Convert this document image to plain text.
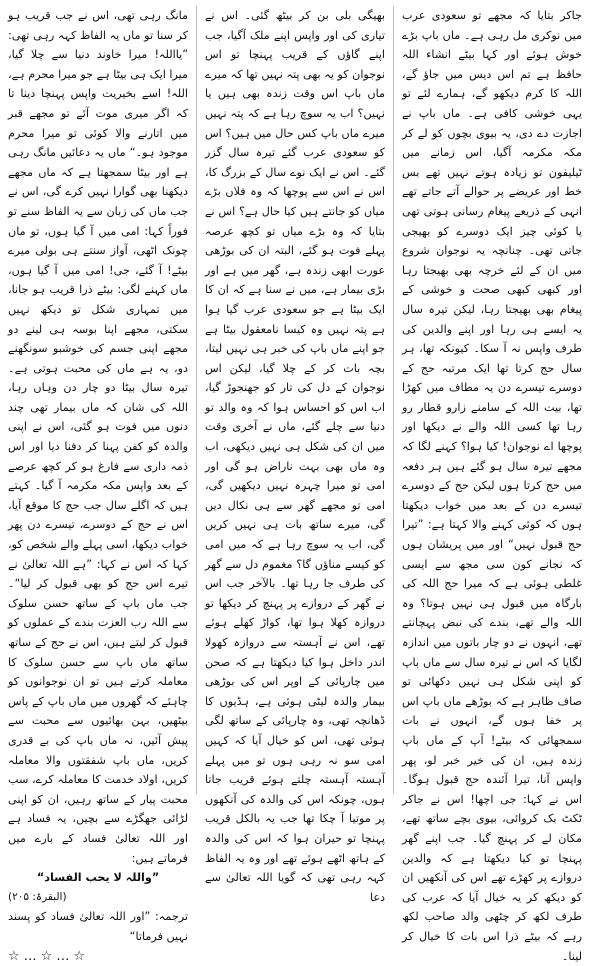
جاکر بتایا کہ مجھے تو سعودی عرب میں نوکری مل رہی ہے۔ ماں باپ بڑے خوش ہوئے اور کہا بیٹے انشاء اللہ حافظ ہے تم اس دیس میں جاؤ گے، اللہ کا کرم دیکھو گے، ہمارے لئے تو یہی خوشی کافی ہے۔ ماں باپ نے اجازت دے دی، یہ بیوی بچوں کو لے کر مکہ مکرمہ آگیا، اس زمانے میں ٹیلیفون تو زیادہ ہوتے نہیں تھے بس خط اور عریضے پر حوالے آتے جاتے تھے انہی کے ذریعے پیغام رسانی ہوتی تھی یا کوئی چیز ایک دوسرے کو بھیجی جاتی تھی۔ چنانچہ یہ نوجوان شروع میں ان کے لئے خرچہ بھی بھیجتا رہا اور کبھی کبھی صحت و خوشی کے پیغام بھی بھیجتا رہا، لیکن تیرہ سال یہ ایسے ہی رہا اور اپنے والدین کی طرف واپس نہ آ سکا۔ کیونکہ تھا، ہر سال حج کرتا تھا ایک مرتبہ حج کے دوسرے تیسرے دن یہ مطاف میں کھڑا تھا، بیت اللہ کے سامنے زارو قطار رو رہا تھا کسی اللہ والے نے دیکھا اور پوچھا اے نوجوان! کیا ہوا؟ کہنے لگا کہ مجھے تیرہ سال ہو گئے ہیں ہر دفعہ میں حج کرتا ہوں لیکن حج کے دوسرے تیسرے دن کے بعد میں خواب دیکھتا ہوں کہ کوئی کہنے والا کہتا ہے: ”تیرا حج قبول نہیں“ اور میں پریشان ہوں کہ نجانے کون سی مجھ سے ایسی غلطی ہوئی ہے کہ میرا حج اللہ کی بارگاہ میں قبول ہی نہیں ہوتا؟ وہ اللہ والے تھے، بندے کی نبض پہچانتے تھے، انہوں نے دو چار باتوں میں اندازہ لگایا کہ اس نے تیرہ سال سے ماں باپ کو اپنی شکل ہی نہیں دکھائی تو صاف ظاہر ہے کہ بوڑھے ماں باپ اس پر خفا ہوں گے، انہوں نے بات سمجھائی کہ بیٹے! آپ کے ماں باپ زندہ ہیں، ان کی خیر خبر لو، پھر واپس آنا، تیرا آئندہ حج قبول ہوگا۔ اس نے کہا: جی اچھا! اس نے جاکر ٹکٹ بک کروائی، بیوی بچے ساتھ تھے، مکان لے کر پہنچ گیا۔ جب اپنے گھر پہنچا تو کیا دیکھتا ہے کہ والدین دروازے پر کھڑے تھے اس کی آنکھیں ان کو دیکھ کر یہ خیال آیا کہ عرب کی طرف لکھ کر چٹھی والد صاحب لکھ رہے کہ بیٹے ذرا اس بات کا خیال کر لینا۔

بھیگی بلی بن کر بیٹھ گئی۔ اس نے تیاری کی اور واپس اپنے ملک آگیا، جب اپنے گاؤں کے قریب پہنچا تو اس نوجوان کو یہ بھی پتہ نہیں تھا کہ میرے ماں باپ اس وقت زندہ بھی ہیں یا نہیں؟ اب یہ سوچ رہا ہے کہ پتہ نہیں میرے ماں باپ کس حال میں ہیں؟ اس کو سعودی عرب گئے تیرہ سال گزر گئے۔ اس نے ایک نوے سال کے بزرگ کا، اس نے اس سے پوچھا کہ وہ فلاں بڑے میاں کو جانتے ہیں کیا حال ہے؟ اس نے بتایا کہ وہ بڑے میاں تو کچھ عرصہ پہلے فوت ہو گئے، البتہ ان کی بوڑھی عورت ابھی زندہ ہے، گھر میں ہے اور بڑی بیمار ہے، میں نے سنا ہے کہ ان کا ایک بیٹا ہے جو سعودی عرب گیا ہوا ہے پتہ نہیں وہ کیسا نامعقول بیٹا ہے جو اپنے ماں باپ کی خبر ہی نہیں لیتا، بچہ بات کر کے چلا گیا، لیکن اس نوجوان کے دل کی تار کو جھنجوڑ گیا، اب اس کو احساس ہوا کہ وہ والد تو دنیا سے چلے گئے، ماں نے آخری وقت میں ان کی شکل ہی نہیں دیکھی، اب وہ ماں بھی بہت ناراض ہو گی اور امی تو میرا چہرہ نہیں دیکھیں گی، امی تو مجھے گھر سے ہی نکال دیں گی، میرے ساتھ بات ہی نہیں کریں گی، اب یہ سوچ رہا ہے کہ میں امی کو کیسے مناؤں گا؟ مغموم دل سے گھر کی طرف جا رہا تھا۔ بالآخر جب اس نے گھر کے دروازے پر پہنچ کر دیکھا تو دروازہ کھلا ہوا تھا، کواڑ کھلے ہوئے تھے، اس نے آہستہ سے دروازہ کھولا اندر داخل ہوا کیا دیکھتا ہے کہ صحن میں چارپائی کے اوپر اس کی بوڑھی بیمار والدہ لیٹی ہوئی ہے، ہڈیوں کا ڈھانچہ تھی، وہ چارپائی کے ساتھ لگی ہوئی تھی، اس کو خیال آیا کہ کہیں امی سو نہ رہی ہوں تو میں پہلے آہستہ آہستہ چلتے ہوئے قریب جاتا ہوں، چونکہ اس کی والدہ کی آنکھوں پر موتیا آ چکا تھا جب یہ بالکل قریب پہنچا تو حیران ہوا کہ اس کی والدہ کے ہاتھ اٹھے ہوئے تھے اور وہ یہ الفاظ کہہ رہی تھی کہ گویا اللہ تعالیٰ سے دعا

مانگ رہی تھی، اس نے جب قریب ہو کر سنا تو ماں یہ الفاظ کہہ رہی تھی: ”یااللہ! میرا خاوند دنیا سے چلا گیا، میرا ایک ہی بیٹا ہے جو میرا محرم ہے، اللہ! اسے بخیریت واپس پہنچا دینا تا کہ اگر میری موت آئے تو مجھے قبر میں اتارنے والا کوئی تو میرا محرم موجود ہو۔“ ماں یہ دعائیں مانگ رہی ہے اور بیٹا سمجھتا ہے کہ ماں مجھے دیکھنا بھی گوارا نہیں کرے گی، اس نے جب ماں کی زبان سے یہ الفاظ سنے تو فوراً کہا: امی میں آ گیا ہوں، تو ماں چونک اٹھی، آواز سنتے ہی بولی میرے بیٹے! آ گئے، جی! امی میں آ گیا ہوں، ماں کہنے لگی: بیٹے ذرا قریب ہو جانا، میں تمہاری شکل تو دیکھ نہیں سکتی، مجھے اپنا بوسہ ہی لینے دو مجھے اپنی جسم کی خوشبو سونگھنے دو، یہ ہے ماں کی محبت ہوتی ہے۔ تیرہ سال بیٹا دو چار دن وہاں رہا، اللہ کی شان کہ ماں بیمار تھی چند دنوں میں فوت ہو گئی، اس نے اپنی والدہ کو کفن پہنا کر دفنا دیا اور اس ذمہ داری سے فارغ ہو کر کچھ عرصے کے بعد واپس مکہ مکرمہ آ گیا۔ کہتے ہیں کہ اگلے سال جب حج کا موقع آیا، اس نے حج کے دوسرے، تیسرے دن پھر خواب دیکھا، اسی پہلے والے شخص کو، کہا کہ اس نے کہا: ”ہے اللہ تعالیٰ نے تیرے اس حج کو بھی قبول کر لیا“۔ جب ماں باپ کے ساتھ حسن سلوک سے اللہ رب العزت بندے کے عملوں کو قبول کر لیتے ہیں، اس نے حج کے ساتھ ساتھ ماں باپ سے حسن سلوک کا معاملہ کرتے ہیں تو ان نوجوانوں کو چاہئے کہ گھروں میں ماں باپ کے پاس بیٹھیں، بہن بھائیوں سے محبت سے پیش آئیں، نہ ماں باپ کی بے قدری کریں، ماں باپ شفقتوں والا معاملہ کریں، اولاد خدمت کا معاملہ کرے، سب محبت پیار کے ساتھ رہیں، ان کو اپنی لڑائی جھگڑے سے بچیں، یہ فساد ہے اور اللہ تعالیٰ فساد کے بارے میں فرماتے ہیں:

”واللہ لا یحب الفساد“

(البقرۃ: ۲۰۵)

ترجمہ: ”اور اللہ تعالیٰ فساد کو پسند نہیں فرماتا“

☆…☆…☆
